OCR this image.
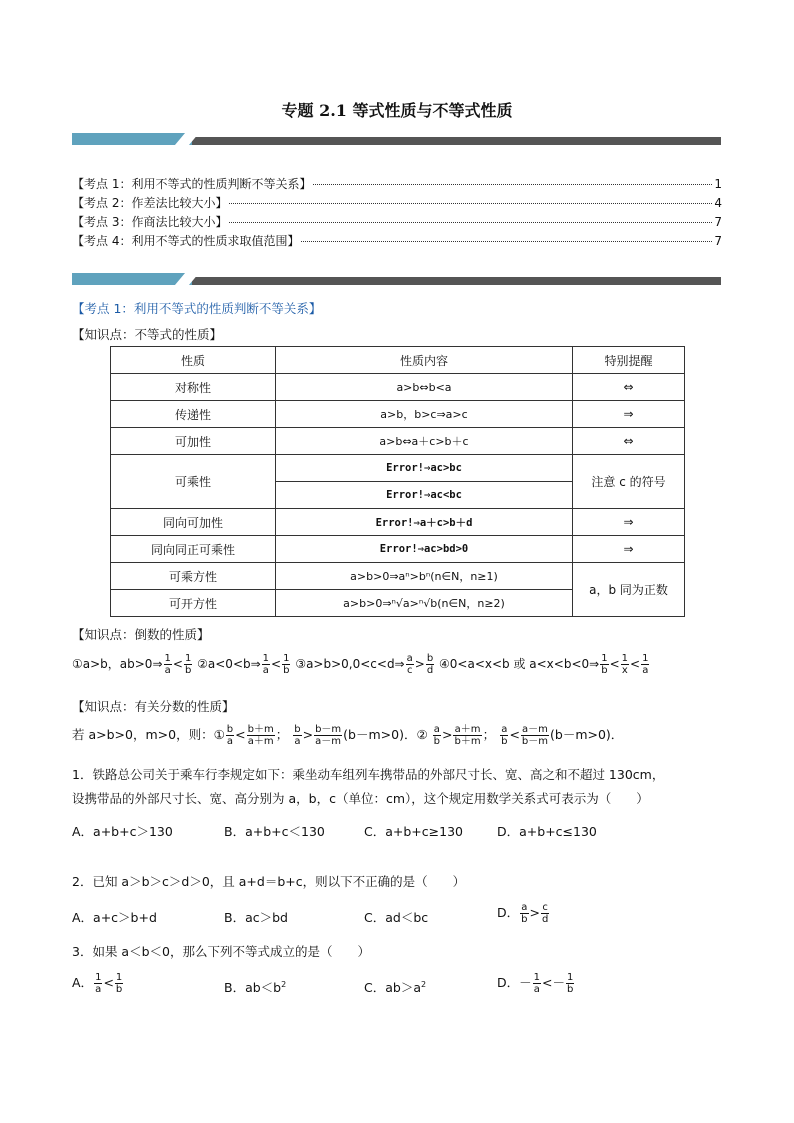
专题 2.1 等式性质与不等式性质
【考点 1：利用不等式的性质判断不等关系】	1
【考点 2：作差法比较大小】	4
【考点 3：作商法比较大小】	7
【考点 4：利用不等式的性质求取值范围】	7
【考点 1：利用不等式的性质判断不等关系】
【知识点：不等式的性质】
性质	性质内容	特别提醒
对称性	a>b⇔b<a	⇔
传递性	a>b，b>c⇒a>c	⇒
可加性	a>b⇔a＋c>b＋c	⇔
可乘性	Error!⇒ac>bc	注意 c 的符号
	Error!⇒ac<bc	
同向可加性	Error!⇒a＋c>b＋d	⇒
同向同正可乘性	Error!⇒ac>bd>0	⇒
可乘方性	a>b>0⇒aⁿ>bⁿ(n∈N，n≥1)	a，b 同为正数
可开方性	a>b>0⇒ⁿ√a>ⁿ√b(n∈N，n≥2)	
【知识点：倒数的性质】
①a>b，ab>0⇒ $\frac{1}{a} < \frac{1}{b}$ ②a<0<b⇒ $\frac{1}{a} < \frac{1}{b}$ ③a>b>0,0<c<d⇒ $\frac{a}{c} > \frac{b}{d}$ ④0<a<x<b 或 a<x<b<0⇒ $\frac{1}{b} < \frac{1}{x} < \frac{1}{a}$
【知识点：有关分数的性质】
若 a>b>0，m>0，则：① $\frac{b}{a} < \frac{b+m}{a+m}$ ； $\frac{b}{a} > \frac{b-m}{a-m} (b-m>0)$．② $\frac{a}{b} > \frac{a+m}{b+m}$ ； $\frac{a}{b} < \frac{a-m}{b-m} (b-m>0)$．
1．铁路总公司关于乘车行李规定如下：乘坐动车组列车携带品的外部尺寸长、宽、高之和不超过 130cm，
设携带品的外部尺寸长、宽、高分别为 a，b，c（单位：cm），这个规定用数学关系式可表示为（　　）
A．a+b+c＞130	B．a+b+c＜130	C．a+b+c≥130	D．a+b+c≤130
2．已知 a＞b＞c＞d＞0，且 a+d＝b+c，则以下不正确的是（　　）
A．a+c＞b+d	B．ac＞bd	C．ad＜bc	D． $\frac{a}{b} > \frac{c}{d}$
3．如果 a＜b＜0，那么下列不等式成立的是（　　）
A． $\frac{1}{a} < \frac{1}{b}$	B．$ab<b^2$	C．$ab>a^2$	D．－ $\frac{1}{a} <- \frac{1}{b}$
